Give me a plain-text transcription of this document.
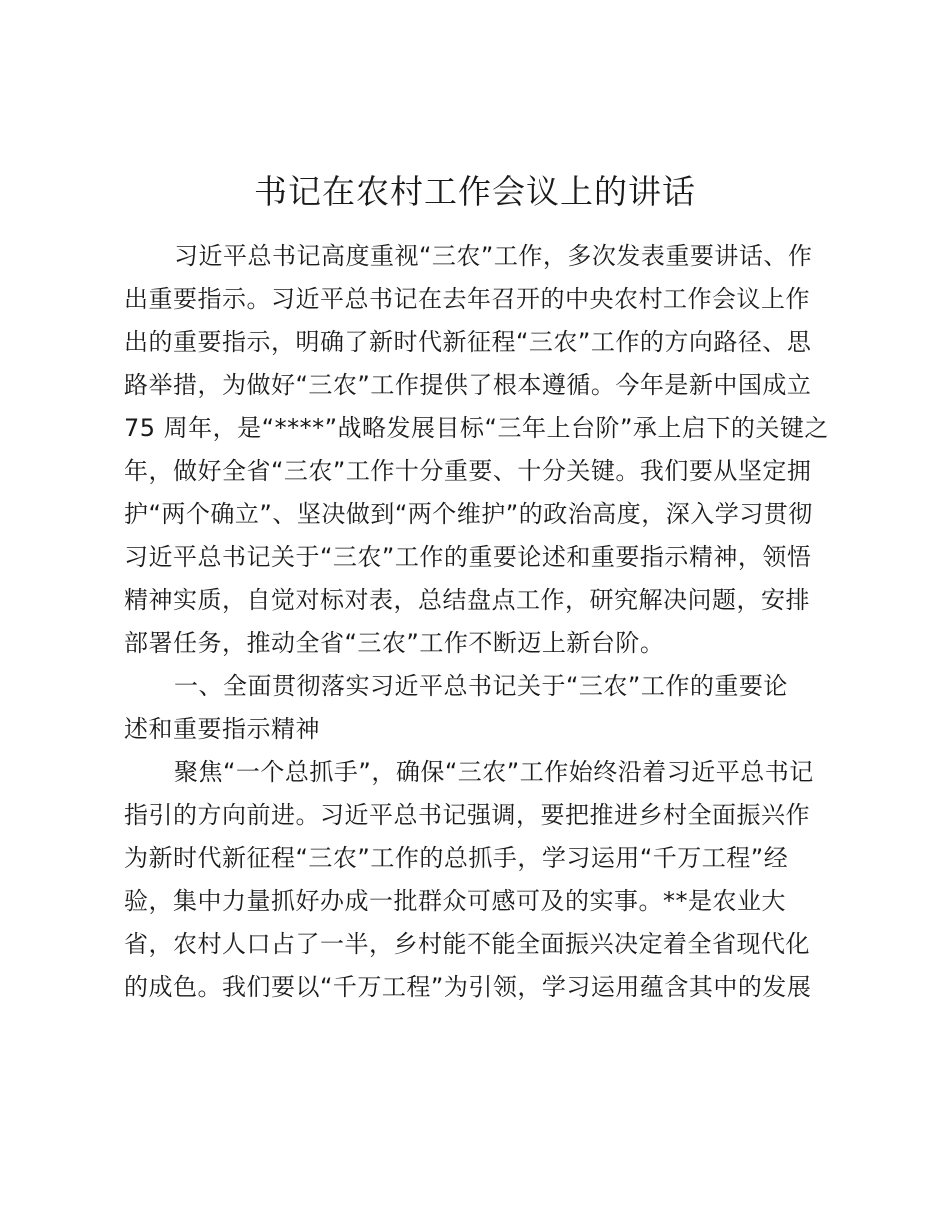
书记在农村工作会议上的讲话

习近平总书记高度重视“三农”工作，多次发表重要讲话、作

出重要指示。习近平总书记在去年召开的中央农村工作会议上作

出的重要指示，明确了新时代新征程“三农”工作的方向路径、思

路举措，为做好“三农”工作提供了根本遵循。今年是新中国成立

75 周年，是“****”战略发展目标“三年上台阶”承上启下的关键之

年，做好全省“三农”工作十分重要、十分关键。我们要从坚定拥

护“两个确立”、坚决做到“两个维护”的政治高度，深入学习贯彻

习近平总书记关于“三农”工作的重要论述和重要指示精神，领悟

精神实质，自觉对标对表，总结盘点工作，研究解决问题，安排

部署任务，推动全省“三农”工作不断迈上新台阶。

一、全面贯彻落实习近平总书记关于“三农”工作的重要论

述和重要指示精神

聚焦“一个总抓手”，确保“三农”工作始终沿着习近平总书记

指引的方向前进。习近平总书记强调，要把推进乡村全面振兴作

为新时代新征程“三农”工作的总抓手，学习运用“千万工程”经

验，集中力量抓好办成一批群众可感可及的实事。**是农业大

省，农村人口占了一半，乡村能不能全面振兴决定着全省现代化

的成色。我们要以“千万工程”为引领，学习运用蕴含其中的发展
